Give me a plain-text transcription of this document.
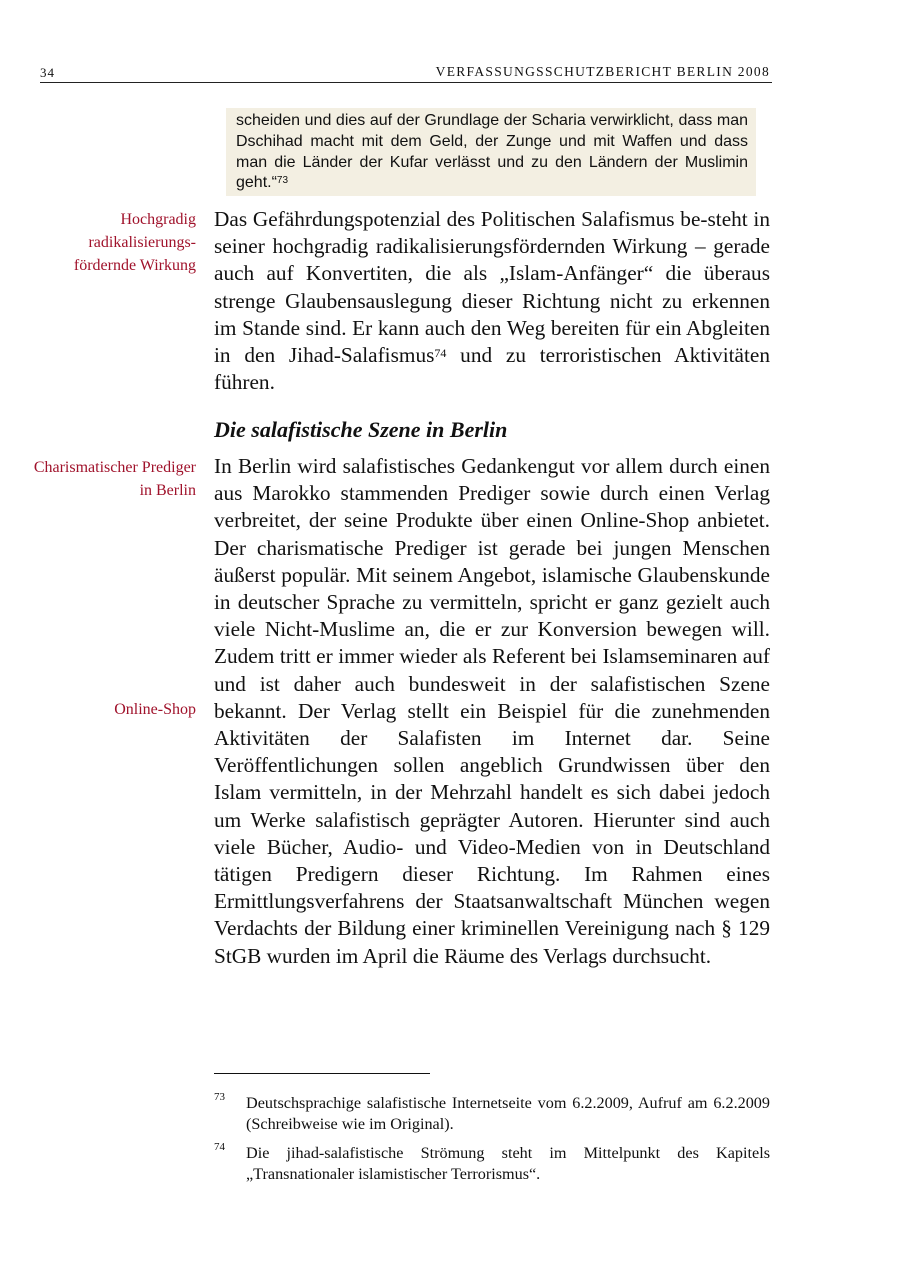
34	VERFASSUNGSSCHUTZBERICHT BERLIN 2008
scheiden und dies auf der Grundlage der Scharia verwirklicht, dass man Dschihad macht mit dem Geld, der Zunge und mit Waffen und dass man die Länder der Kufar verlässt und zu den Ländern der Muslimin geht.“$^{73}$
Hochgradig radikalisierungs-fördernde Wirkung
Das Gefährdungspotenzial des Politischen Salafismus be-steht in seiner hochgradig radikalisierungsfördernden Wirkung – gerade auch auf Konvertiten, die als „Islam-Anfänger“ die überaus strenge Glaubensauslegung dieser Richtung nicht zu erkennen im Stande sind. Er kann auch den Weg bereiten für ein Abgleiten in den Jihad-Salafismus$^{74}$ und zu terroristischen Aktivitäten führen.
Die salafistische Szene in Berlin
Charismatischer Prediger in Berlin
In Berlin wird salafistisches Gedankengut vor allem durch einen aus Marokko stammenden Prediger sowie durch einen Verlag verbreitet, der seine Produkte über einen Online-Shop anbietet. Der charismatische Prediger ist gerade bei jungen Menschen äußerst populär. Mit seinem Angebot, islamische Glaubenskunde in deutscher Sprache zu vermitteln, spricht er ganz gezielt auch viele Nicht-Muslime an, die er zur Konversion bewegen will. Zudem tritt er immer wieder als Referent bei Islamseminaren auf und ist daher auch bundesweit in der salafistischen Szene bekannt. Der Verlag stellt ein Beispiel für die zunehmenden Aktivitäten der Salafisten im Internet dar. Seine Veröffentlichungen sollen angeblich Grundwissen über den Islam vermitteln, in der Mehrzahl handelt es sich dabei jedoch um Werke salafistisch geprägter Autoren. Hierunter sind auch viele Bücher, Audio- und Video-Medien von in Deutschland tätigen Predigern dieser Richtung. Im Rahmen eines Ermittlungsverfahrens der Staatsanwaltschaft München wegen Verdachts der Bildung einer kriminellen Vereinigung nach § 129 StGB wurden im April die Räume des Verlags durchsucht.
Online-Shop
73 Deutschsprachige salafistische Internetseite vom 6.2.2009, Aufruf am 6.2.2009 (Schreibweise wie im Original).
74 Die jihad-salafistische Strömung steht im Mittelpunkt des Kapitels „Transnationaler islamistischer Terrorismus“.
